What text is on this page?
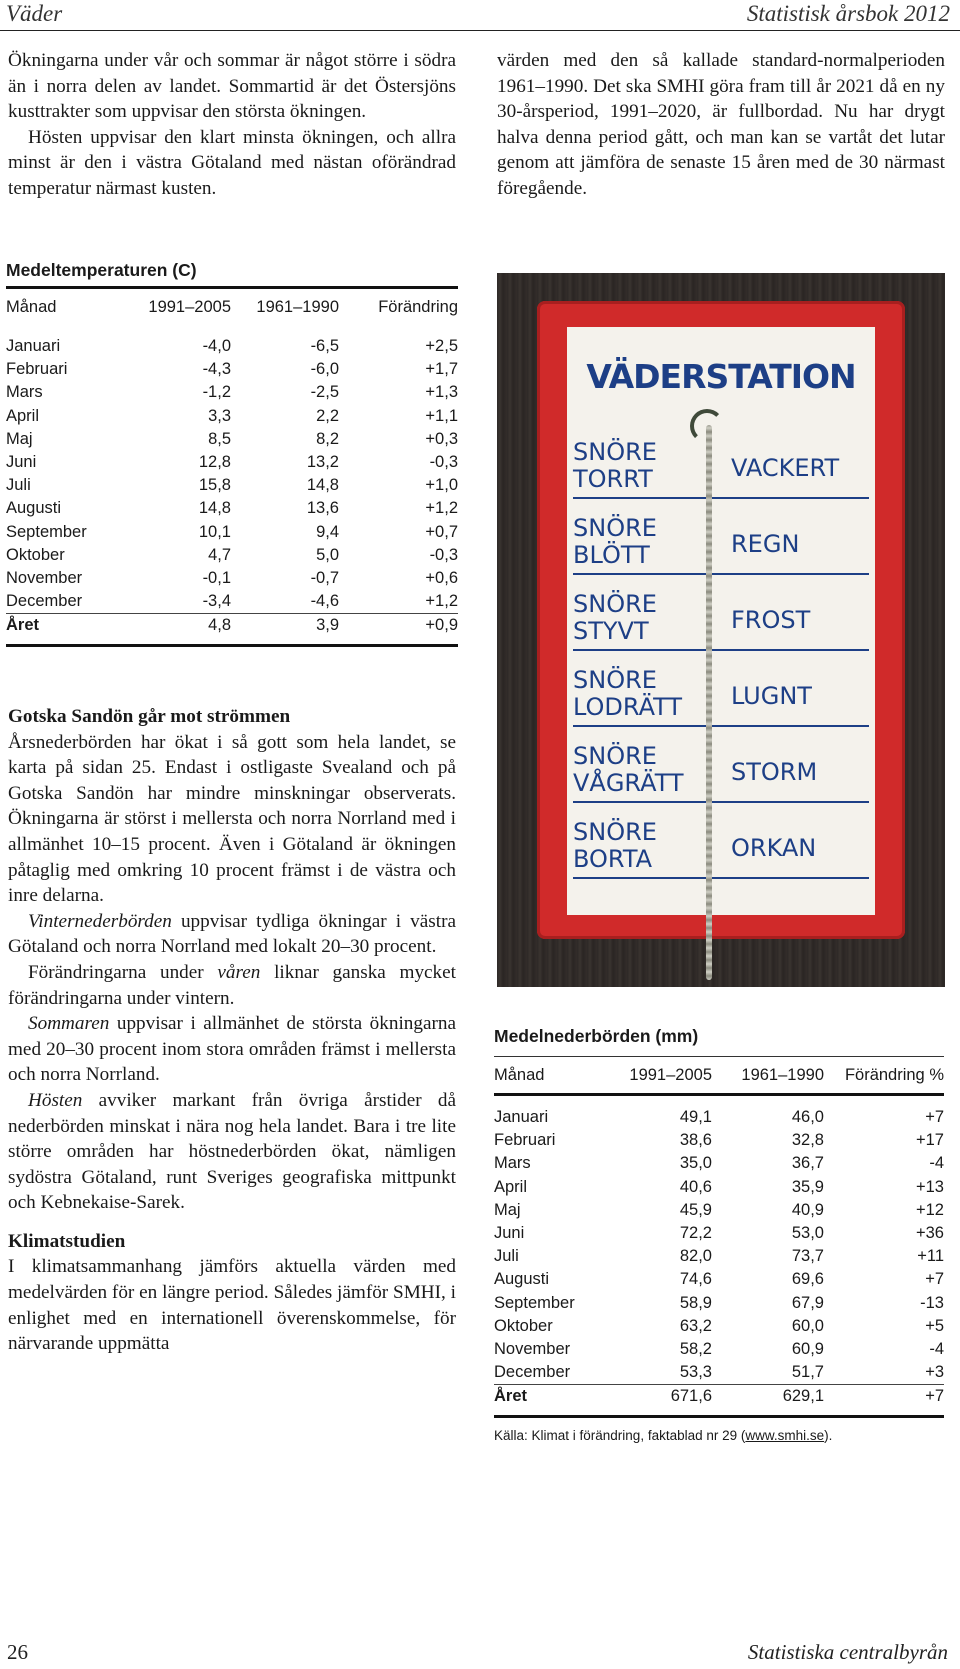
Väder	Statistisk årsbok 2012

Ökningarna under vår och sommar är något större i södra än i norra delen av landet. Sommartid är det Östersjöns kusttrakter som uppvisar den största ökningen.

Hösten uppvisar den klart minsta ökningen, och allra minst är den i västra Götaland med nästan oförändrad temperatur närmast kusten.

värden med den så kallade standard-normalperioden 1961–1990. Det ska SMHI göra fram till år 2021 då en ny 30-årsperiod, 1991–2020, är fullbordad. Nu har drygt halva denna period gått, och man kan se vartåt det lutar genom att jämföra de senaste 15 åren med de 30 närmast föregående.

Medeltemperaturen (C)
Månad	1991–2005	1961–1990	Förändring

Januari	-4,0	-6,5	+2,5
Februari	-4,3	-6,0	+1,7
Mars	-1,2	-2,5	+1,3
April	3,3	2,2	+1,1
Maj	8,5	8,2	+0,3
Juni	12,8	13,2	-0,3
Juli	15,8	14,8	+1,0
Augusti	14,8	13,6	+1,2
September	10,1	9,4	+0,7
Oktober	4,7	5,0	-0,3
November	-0,1	-0,7	+0,6
December	-3,4	-4,6	+1,2
Året	4,8	3,9	+0,9
VÄDERSTATION
SNÖRE
TORRT	VACKERT
SNÖRE
BLÖTT	REGN
SNÖRE
STYVT	FROST
SNÖRE
LODRÄTT	LUGNT
SNÖRE
VÅGRÄTT	STORM
SNÖRE
BORTA	ORKAN

Gotska Sandön går mot strömmen

Årsnederbörden har ökat i så gott som hela landet, se karta på sidan 25. Endast i ostligaste Svealand och på Gotska Sandön har mindre minskningar observerats. Ökningarna är störst i mellersta och norra Norrland med i allmänhet 10–15 procent. Även i Götaland är ökningen påtaglig med omkring 10 procent främst i de västra och inre delarna.

Vinternederbörden uppvisar tydliga ökningar i västra Götaland och norra Norrland med lokalt 20–30 procent.

Förändringarna under våren liknar ganska mycket förändringarna under vintern.

Sommaren uppvisar i allmänhet de största ökningarna med 20–30 procent inom stora områden främst i mellersta och norra Norrland.

Hösten avviker markant från övriga årstider då nederbörden minskat i nära nog hela landet. Bara i tre lite större områden har höstnederbörden ökat, nämligen sydöstra Götaland, runt Sveriges geografiska mittpunkt och Kebnekaise-Sarek.

Klimatstudien

I klimatsammanhang jämförs aktuella värden med medelvärden för en längre period. Således jämför SMHI, i enlighet med en internationell överenskommelse, för närvarande uppmätta

Medelnederbörden (mm)
Månad	1991–2005	1961–1990	Förändring %

Januari	49,1	46,0	+7
Februari	38,6	32,8	+17
Mars	35,0	36,7	-4
April	40,6	35,9	+13
Maj	45,9	40,9	+12
Juni	72,2	53,0	+36
Juli	82,0	73,7	+11
Augusti	74,6	69,6	+7
September	58,9	67,9	-13
Oktober	63,2	60,0	+5
November	58,2	60,9	-4
December	53,3	51,7	+3
Året	671,6	629,1	+7
Källa: Klimat i förändring, faktablad nr 29 (www.smhi.se).
26	Statistiska centralbyrån
